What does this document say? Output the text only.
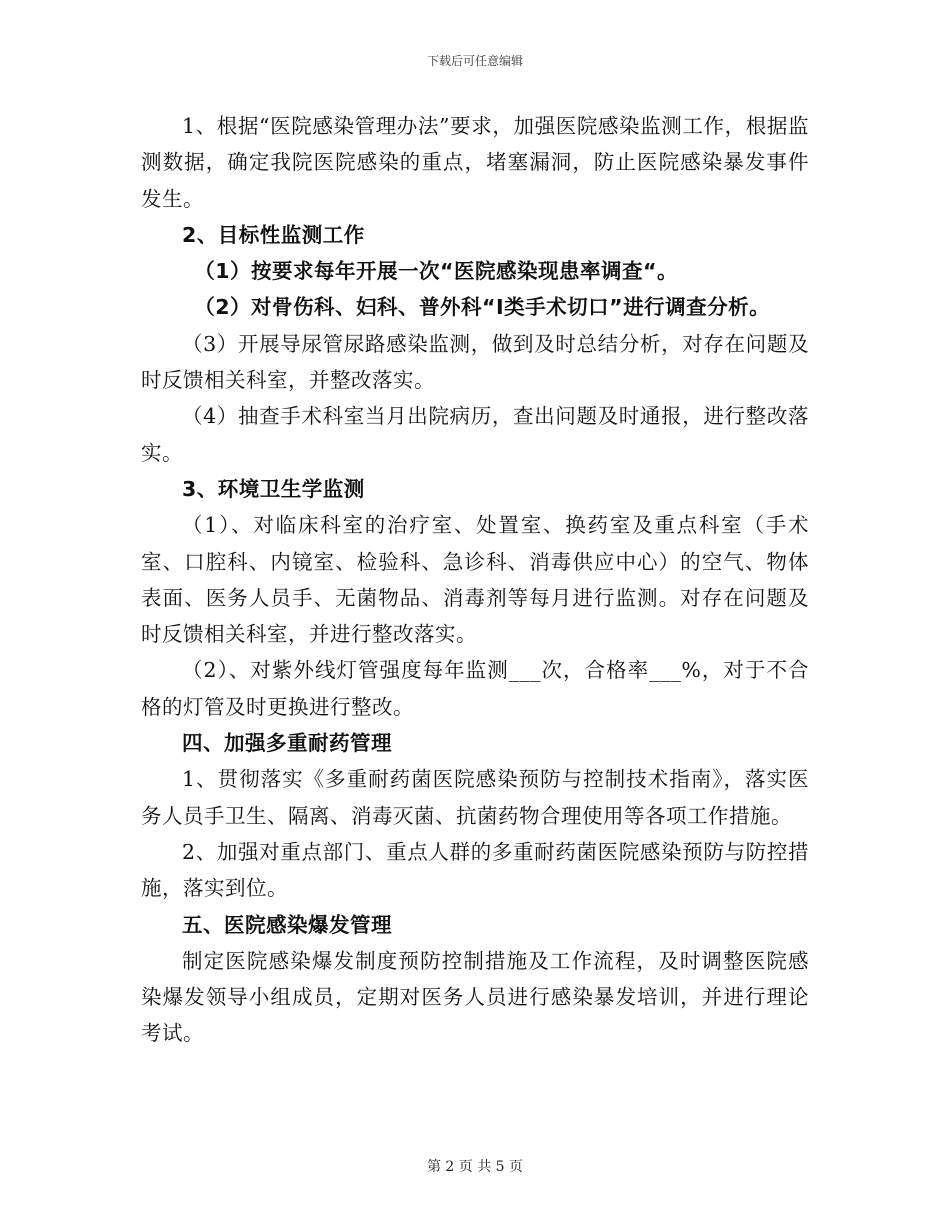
下载后可任意编辑

1、根据“医院感染管理办法”要求，加强医院感染监测工作，根据监测数据，确定我院医院感染的重点，堵塞漏洞，防止医院感染暴发事件发生。

2、目标性监测工作

（1）按要求每年开展一次“医院感染现患率调查“。

（2）对骨伤科、妇科、普外科“Ⅰ类手术切口”进行调查分析。

（3）开展导尿管尿路感染监测，做到及时总结分析，对存在问题及时反馈相关科室，并整改落实。

（4）抽查手术科室当月出院病历，查出问题及时通报，进行整改落实。

3、环境卫生学监测

（1）、对临床科室的治疗室、处置室、换药室及重点科室（手术室、口腔科、内镜室、检验科、急诊科、消毒供应中心）的空气、物体表面、医务人员手、无菌物品、消毒剂等每月进行监测。对存在问题及时反馈相关科室，并进行整改落实。

（2）、对紫外线灯管强度每年监测___次，合格率___%，对于不合格的灯管及时更换进行整改。

四、加强多重耐药管理

1、贯彻落实《多重耐药菌医院感染预防与控制技术指南》，落实医务人员手卫生、隔离、消毒灭菌、抗菌药物合理使用等各项工作措施。

2、加强对重点部门、重点人群的多重耐药菌医院感染预防与防控措施，落实到位。

五、医院感染爆发管理

制定医院感染爆发制度预防控制措施及工作流程，及时调整医院感染爆发领导小组成员，定期对医务人员进行感染暴发培训，并进行理论考试。

第 2 页 共 5 页
